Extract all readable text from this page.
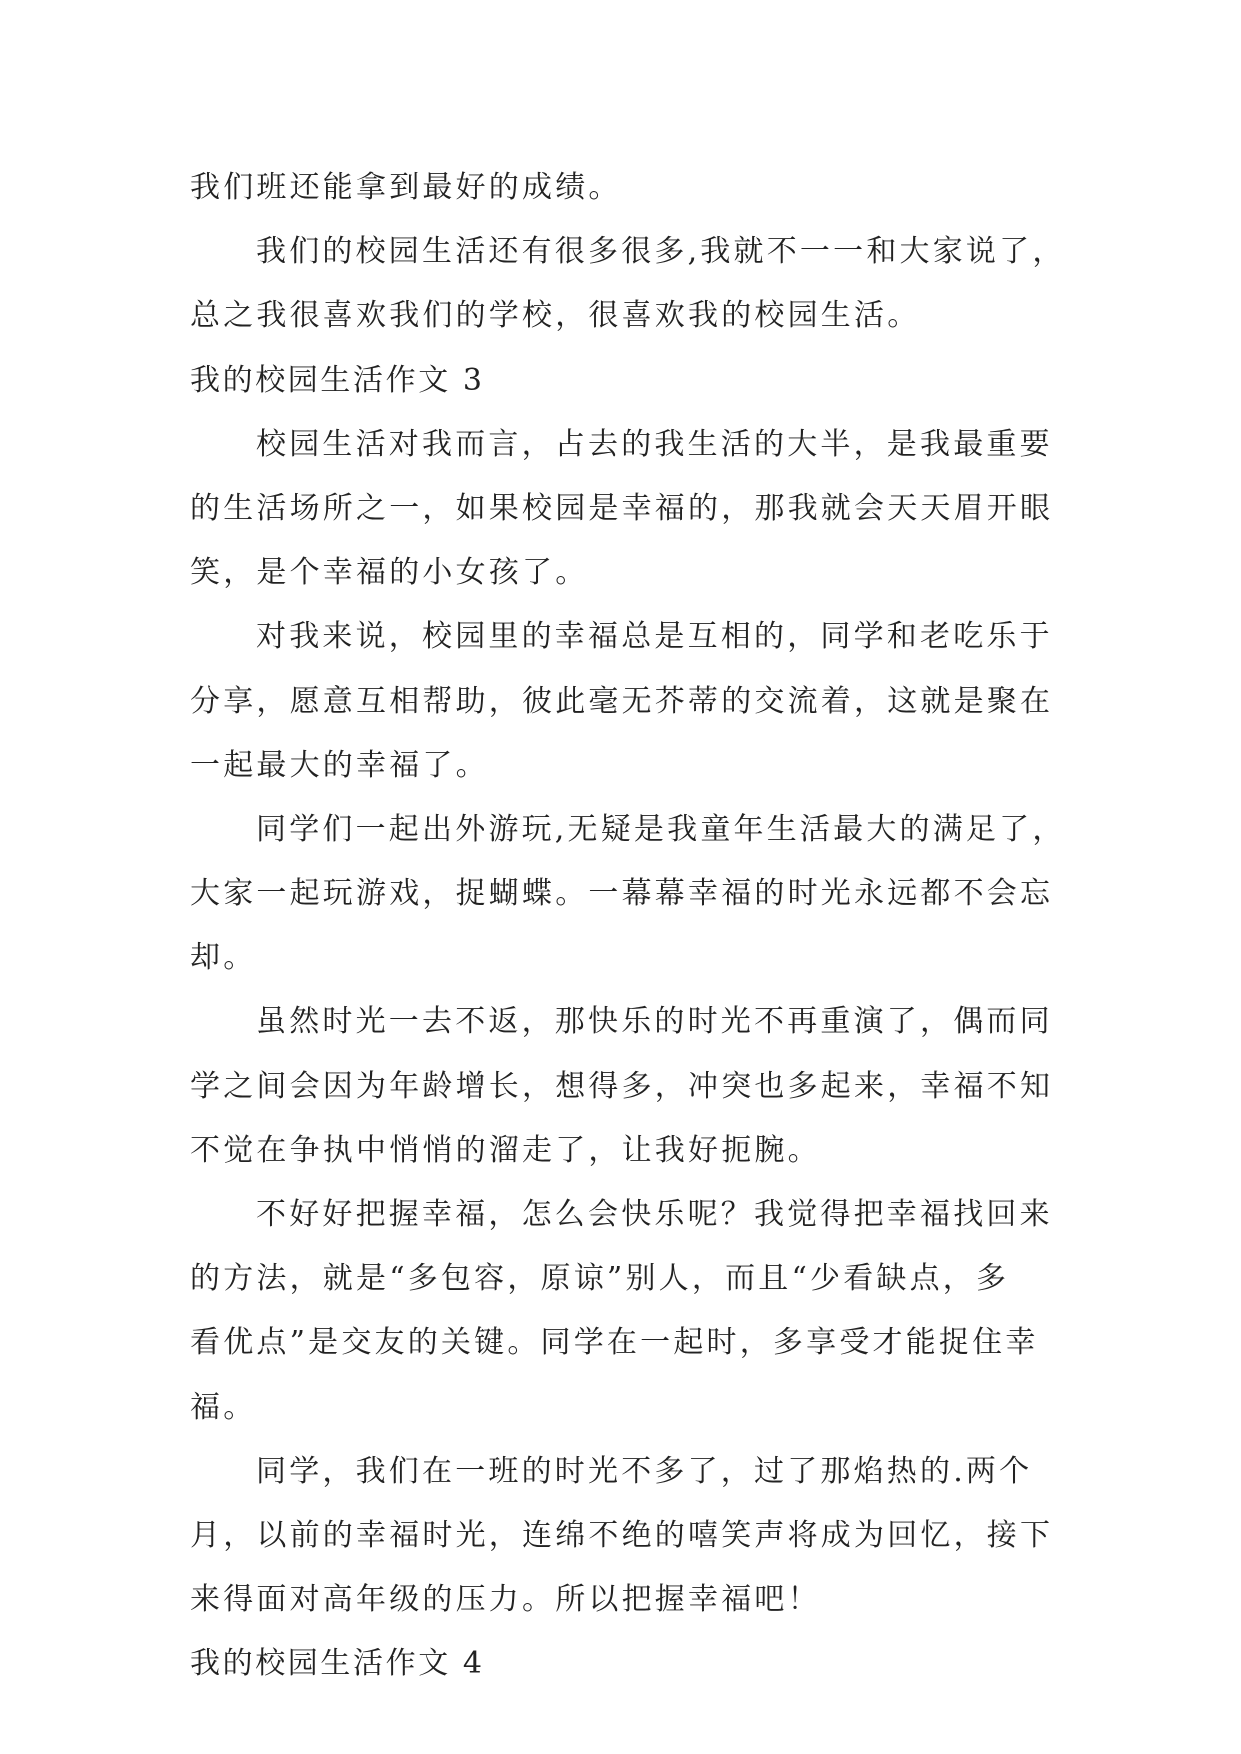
我们班还能拿到最好的成绩。
我们的校园生活还有很多很多,我就不一一和大家说了，
总之我很喜欢我们的学校，很喜欢我的校园生活。
我的校园生活作文 3
校园生活对我而言，占去的我生活的大半，是我最重要
的生活场所之一，如果校园是幸福的，那我就会天天眉开眼
笑，是个幸福的小女孩了。
对我来说，校园里的幸福总是互相的，同学和老吃乐于
分享，愿意互相帮助，彼此毫无芥蒂的交流着，这就是聚在
一起最大的幸福了。
同学们一起出外游玩,无疑是我童年生活最大的满足了，
大家一起玩游戏，捉蝴蝶。一幕幕幸福的时光永远都不会忘
却。
虽然时光一去不返，那快乐的时光不再重演了，偶而同
学之间会因为年龄增长，想得多，冲突也多起来，幸福不知
不觉在争执中悄悄的溜走了，让我好扼腕。
不好好把握幸福，怎么会快乐呢？我觉得把幸福找回来
的方法，就是“多包容，原谅”别人，而且“少看缺点，多
看优点”是交友的关键。同学在一起时，多享受才能捉住幸
福。
同学，我们在一班的时光不多了，过了那焰热的.两个
月，以前的幸福时光，连绵不绝的嘻笑声将成为回忆，接下
来得面对高年级的压力。所以把握幸福吧！
我的校园生活作文 4
